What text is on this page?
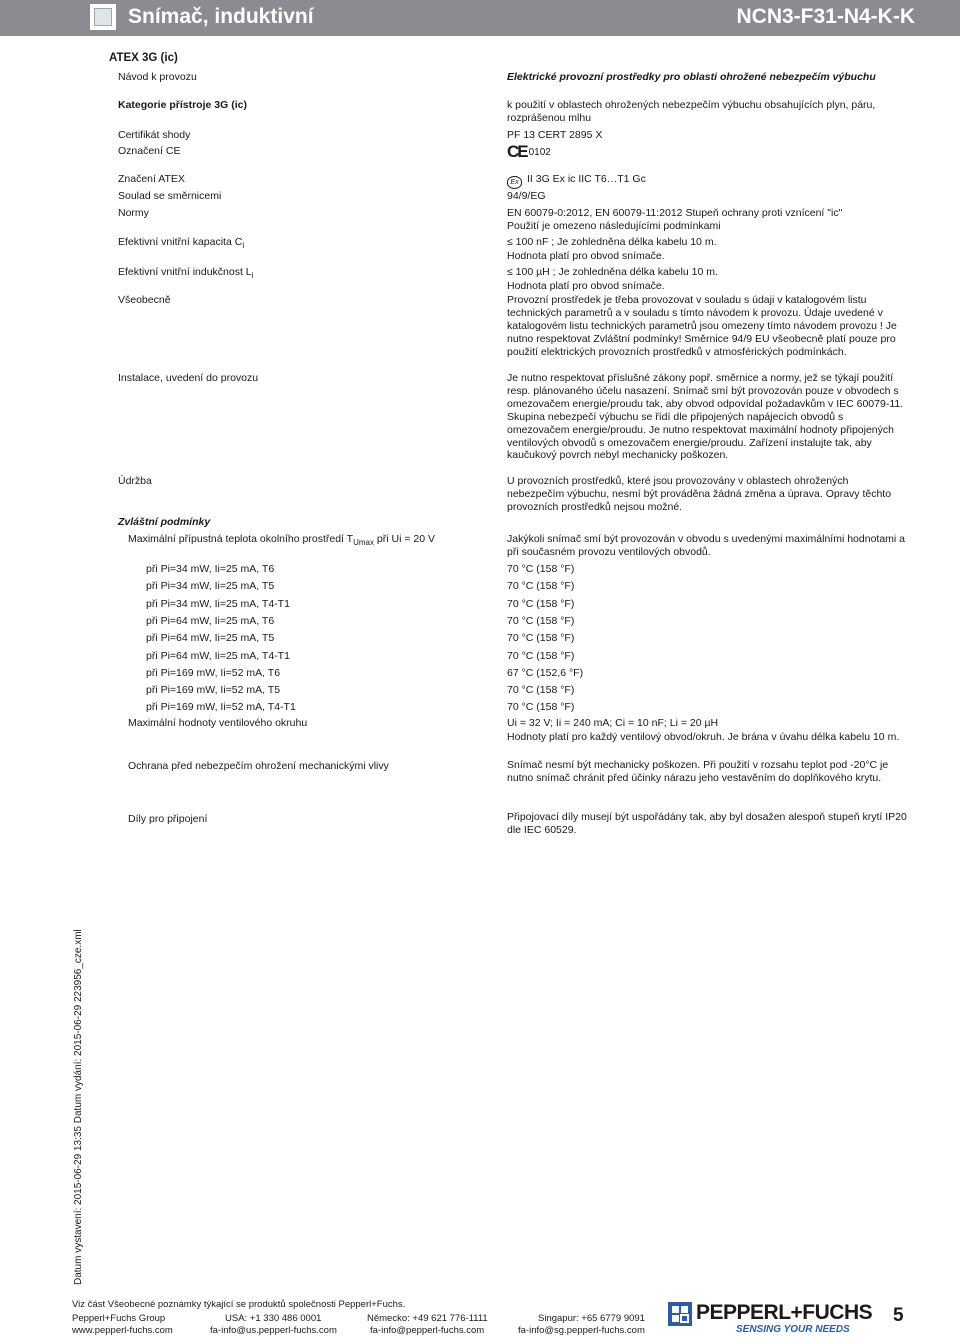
Snímač, induktivní	NCN3-F31-N4-K-K
ATEX 3G (ic)
Návod k provozu	Elektrické provozní prostředky pro oblasti ohrožené nebezpečím výbuchu
Kategorie přístroje 3G (ic)	k použití v oblastech ohrožených nebezpečím výbuchu obsahujících plyn, páru, rozprášenou mlhu
Certifikát shody	PF 13 CERT 2895 X
Označení CE	CE 0102
Značení ATEX	Ex II 3G Ex ic IIC T6…T1 Gc
Soulad se směrnicemi	94/9/EG
Normy	EN 60079-0:2012, EN 60079-11:2012 Stupeň ochrany proti vznícení "ic" Použití je omezeno následujícími podmínkami
Efektivní vnitřní kapacita $C_i$	≤ 100 nF ; Je zohledněna délka kabelu 10 m.
Hodnota platí pro obvod snímače.
Efektivní vnitřní indukčnost $L_i$	≤ 100 µH ; Je zohledněna délka kabelu 10 m.
Hodnota platí pro obvod snímače.
Všeobecně	Provozní prostředek je třeba provozovat v souladu s údaji v katalogovém listu technických parametrů a v souladu s tímto návodem k provozu. Údaje uvedené v katalogovém listu technických parametrů jsou omezeny tímto návodem provozu ! Je nutno respektovat Zvláštní podmínky! Směrnice 94/9 EU všeobecně platí pouze pro použití elektrických provozních prostředků v atmosférických podmínkách.
Instalace, uvedení do provozu	Je nutno respektovat příslušné zákony popř. směrnice a normy, jež se týkají použití resp. plánovaného účelu nasazení. Snímač smí být provozován pouze v obvodech s omezovačem energie/proudu tak, aby obvod odpovídal požadavkům v IEC 60079-11. Skupina nebezpečí výbuchu se řídí dle připojených napájecích obvodů s omezovačem energie/proudu. Je nutno respektovat maximální hodnoty připojených ventilových obvodů s omezovačem energie/proudu. Zařízení instalujte tak, aby kaučukový povrch nebyl mechanicky poškozen.
Údržba	U provozních prostředků, které jsou provozovány v oblastech ohrožených nebezpečím výbuchu, nesmí být prováděna žádná změna a úprava. Opravy těchto provozních prostředků nejsou možné.
Zvláštní podmínky
Maximální přípustná teplota okolního prostředí $T_{Umax}$ při Ui = 20 V	Jakýkoli snímač smí být provozován v obvodu s uvedenými maximálními hodnotami a při současném provozu ventilových obvodů.
při Pi=34 mW, Ii=25 mA, T6	70 °C (158 °F)
při Pi=34 mW, Ii=25 mA, T5	70 °C (158 °F)
při Pi=34 mW, Ii=25 mA, T4-T1	70 °C (158 °F)
při Pi=64 mW, Ii=25 mA, T6	70 °C (158 °F)
při Pi=64 mW, Ii=25 mA, T5	70 °C (158 °F)
při Pi=64 mW, Ii=25 mA, T4-T1	70 °C (158 °F)
při Pi=169 mW, Ii=52 mA, T6	67 °C (152,6 °F)
při Pi=169 mW, Ii=52 mA, T5	70 °C (158 °F)
při Pi=169 mW, Ii=52 mA, T4-T1	70 °C (158 °F)
Maximální hodnoty ventilového okruhu	Ui = 32 V; Ii = 240 mA; Ci = 10 nF; Li = 20 µH
Hodnoty platí pro každý ventilový obvod/okruh. Je brána v úvahu délka kabelu 10 m.
Ochrana před nebezpečím ohrožení mechanickými vlivy	Snímač nesmí být mechanicky poškozen. Při použití v rozsahu teplot pod -20°C je nutno snímač chránit před účinky nárazu jeho vestavěním do doplňkového krytu.
Díly pro připojení	Připojovací díly musejí být uspořádány tak, aby byl dosažen alespoň stupeň krytí IP20 dle IEC 60529.
Datum vystavení: 2015-06-29 13:35 Datum vydání: 2015-06-29 223956_cze.xml
Viz část Všeobecné poznámky týkající se produktů společnosti Pepperl+Fuchs.
Pepperl+Fuchs Group
www.pepperl-fuchs.com
USA: +1 330 486 0001
fa-info@us.pepperl-fuchs.com
Německo: +49 621 776-1111
fa-info@pepperl-fuchs.com
Singapur: +65 6779 9091
fa-info@sg.pepperl-fuchs.com
PEPPERL+FUCHS
SENSING YOUR NEEDS
5
